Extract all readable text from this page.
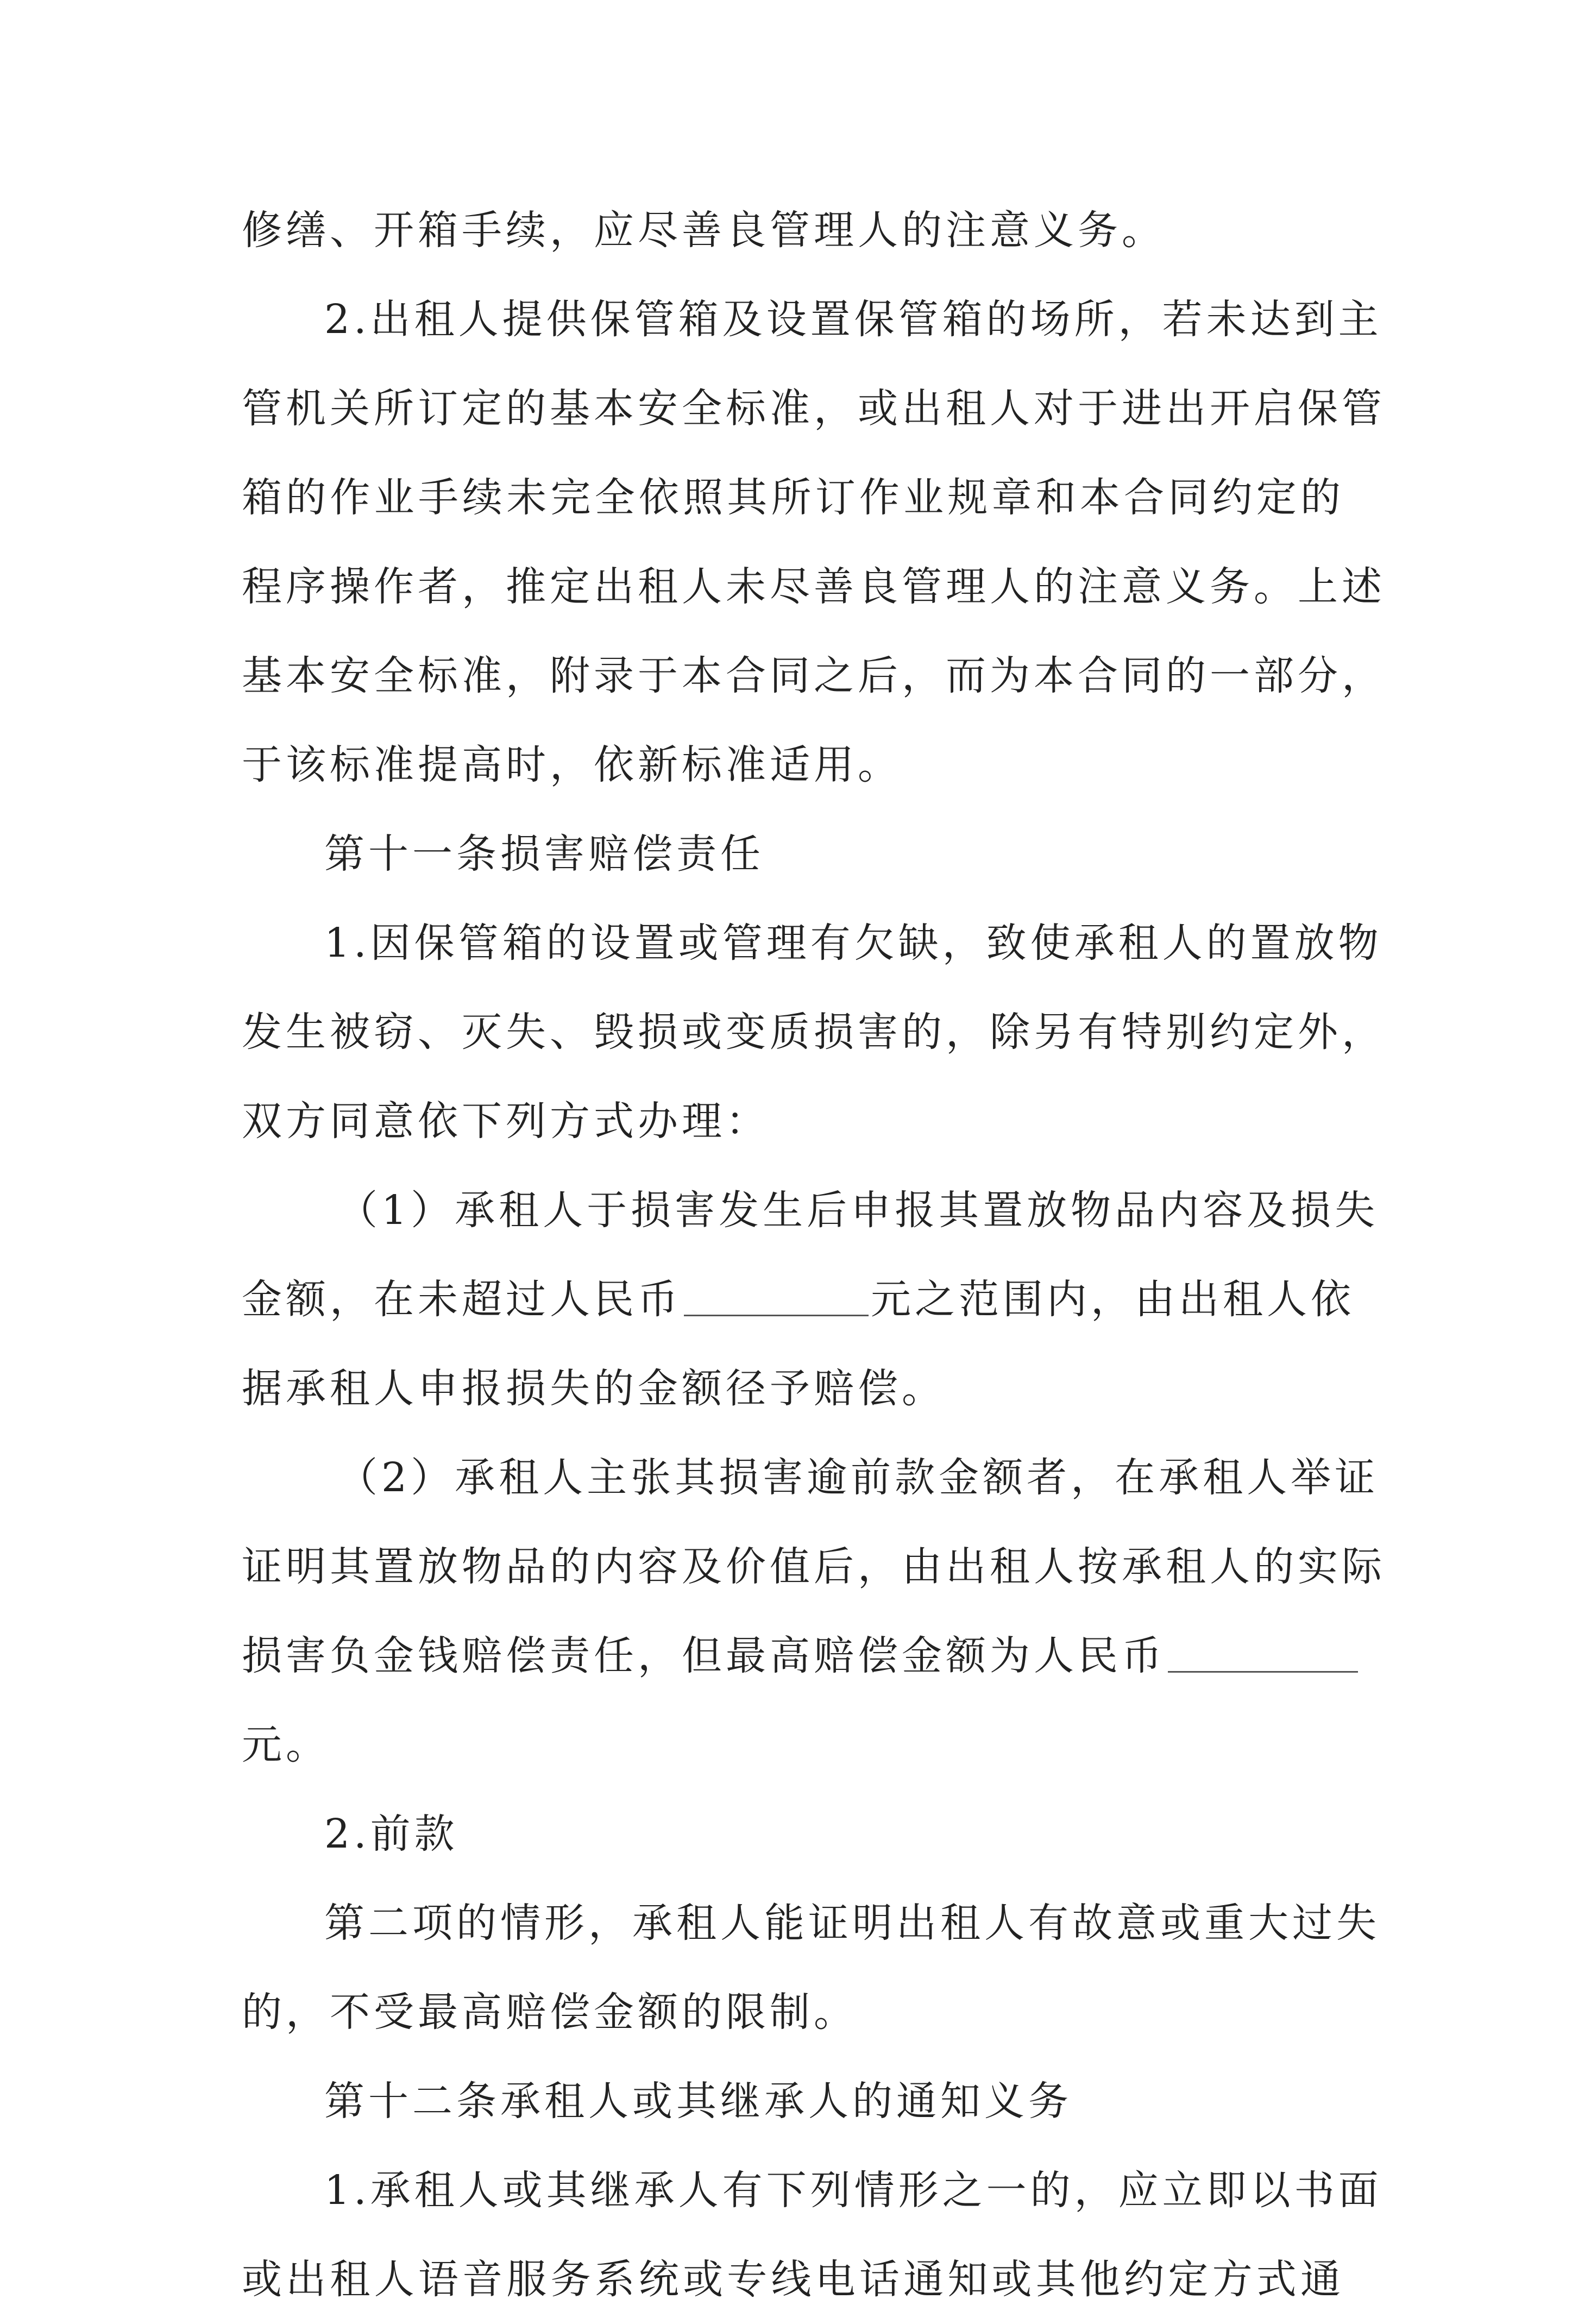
修缮、开箱手续，应尽善良管理人的注意义务。
2.出租人提供保管箱及设置保管箱的场所，若未达到主
管机关所订定的基本安全标准，或出租人对于进出开启保管
箱的作业手续未完全依照其所订作业规章和本合同约定的
程序操作者，推定出租人未尽善良管理人的注意义务。上述
基本安全标准，附录于本合同之后，而为本合同的一部分，
于该标准提高时，依新标准适用。
第十一条损害赔偿责任
1.因保管箱的设置或管理有欠缺，致使承租人的置放物
发生被窃、灭失、毁损或变质损害的，除另有特别约定外，
双方同意依下列方式办理：
（1）承租人于损害发生后申报其置放物品内容及损失
金额，在未超过人民币	元之范围内，由出租人依
据承租人申报损失的金额径予赔偿。
（2）承租人主张其损害逾前款金额者，在承租人举证
证明其置放物品的内容及价值后，由出租人按承租人的实际
损害负金钱赔偿责任，但最高赔偿金额为人民币
元。
2.前款
第二项的情形，承租人能证明出租人有故意或重大过失
的，不受最高赔偿金额的限制。
第十二条承租人或其继承人的通知义务
1.承租人或其继承人有下列情形之一的，应立即以书面
或出租人语音服务系统或专线电话通知或其他约定方式通
